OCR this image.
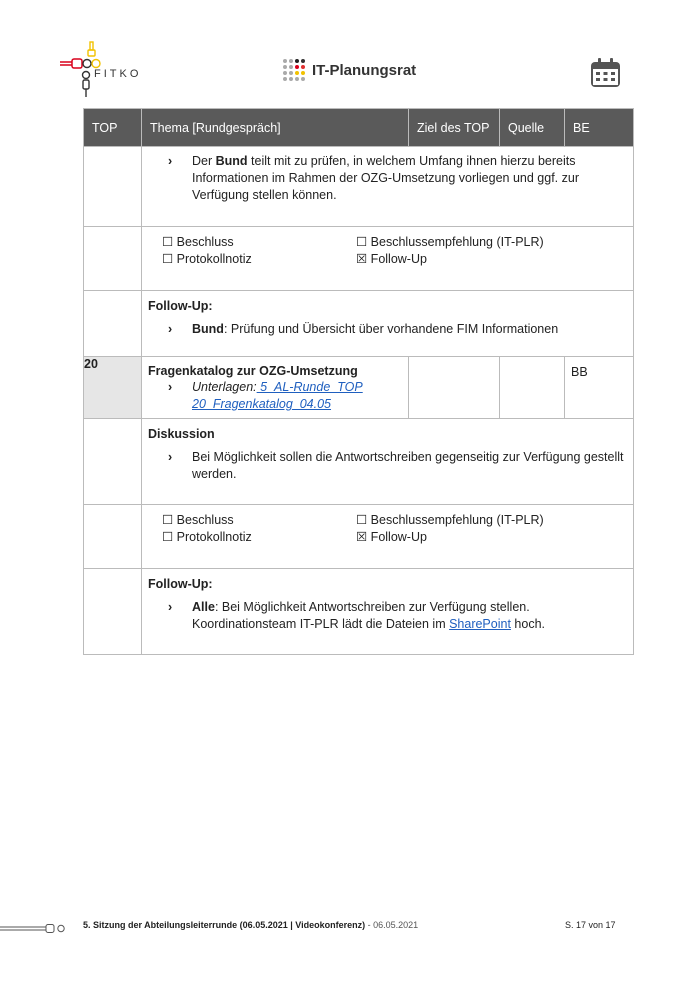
FITKO	IT-Planungsrat
TOP	Thema [Rundgespräch]	Ziel des TOP	Quelle	BE

	› Der Bund teilt mit zu prüfen, in welchem Umfang ihnen hierzu bereits Informationen im Rahmen der OZG-Umsetzung vorliegen und ggf. zur Verfügung stellen können.			

	☐ Beschluss ☐ Beschlussempfehlung (IT-PLR)
☐ Protokollnotiz ☒ Follow-Up			

	Follow-Up:
› Bund: Prüfung und Übersicht über vorhandene FIM Informationen			

20	Fragenkatalog zur OZG-Umsetzung
› Unterlagen: 5_AL-Runde_TOP 20_Fragenkatalog_04.05			BB

	Diskussion
› Bei Möglichkeit sollen die Antwortschreiben gegenseitig zur Verfügung gestellt werden.			

	☐ Beschluss ☐ Beschlussempfehlung (IT-PLR)
☐ Protokollnotiz ☒ Follow-Up			

	Follow-Up:
› Alle: Bei Möglichkeit Antwortschreiben zur Verfügung stellen. Koordinationsteam IT-PLR lädt die Dateien im SharePoint hoch.			
5. Sitzung der Abteilungsleiterrunde (06.05.2021 | Videokonferenz) - 06.05.2021	S. 17 von 17
